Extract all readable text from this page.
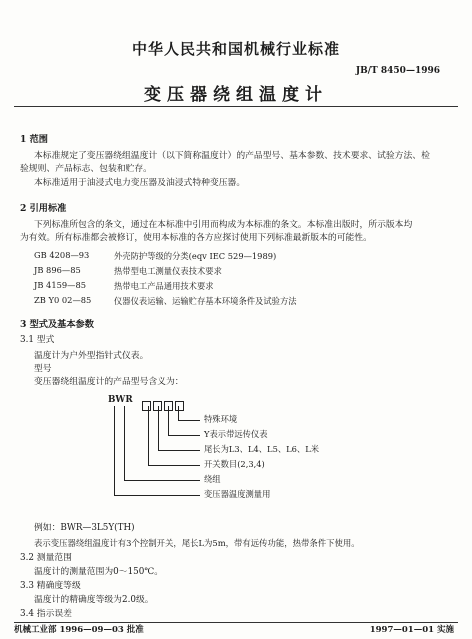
中华人民共和国机械行业标准
JB/T 8450—1996
变压器绕组温度计
1 范围
本标准规定了变压器绕组温度计（以下简称温度计）的产品型号、基本参数、技术要求、试验方法、检
验规则、产品标志、包装和贮存。
本标准适用于油浸式电力变压器及油浸式特种变压器。
2 引用标准
下列标准所包含的条文，通过在本标准中引用而构成为本标准的条文。本标准出版时，所示版本均
为有效。所有标准都会被修订，使用本标准的各方应探讨使用下列标准最新版本的可能性。
GB 4208—93	外壳防护等级的分类(eqv IEC 529—1989)
JB 896—85	热带型电工测量仪表技术要求
JB 4159—85	热带电工产品通用技术要求
ZB Y0 02—85	仪器仪表运输、运输贮存基本环境条件及试验方法
3 型式及基本参数
3.1 型式
温度计为户外型指针式仪表。
型号
变压器绕组温度计的产品型号含义为：
BWR
特殊环境
Y表示带远传仪表
尾长为L3、L4、L5、L6、L米
开关数目(2,3,4)
绕组
变压器温度测量用
例如：BWR—3L5Y(TH)
表示变压器绕组温度计有3个控制开关，尾长L为5m，带有远传功能，热带条件下使用。
3.2 测量范围
温度计的测量范围为0～150℃。
3.3 精确度等级
温度计的精确度等级为2.0级。
3.4 指示误差
机械工业部 1996—09—03 批准	1997—01—01 实施
